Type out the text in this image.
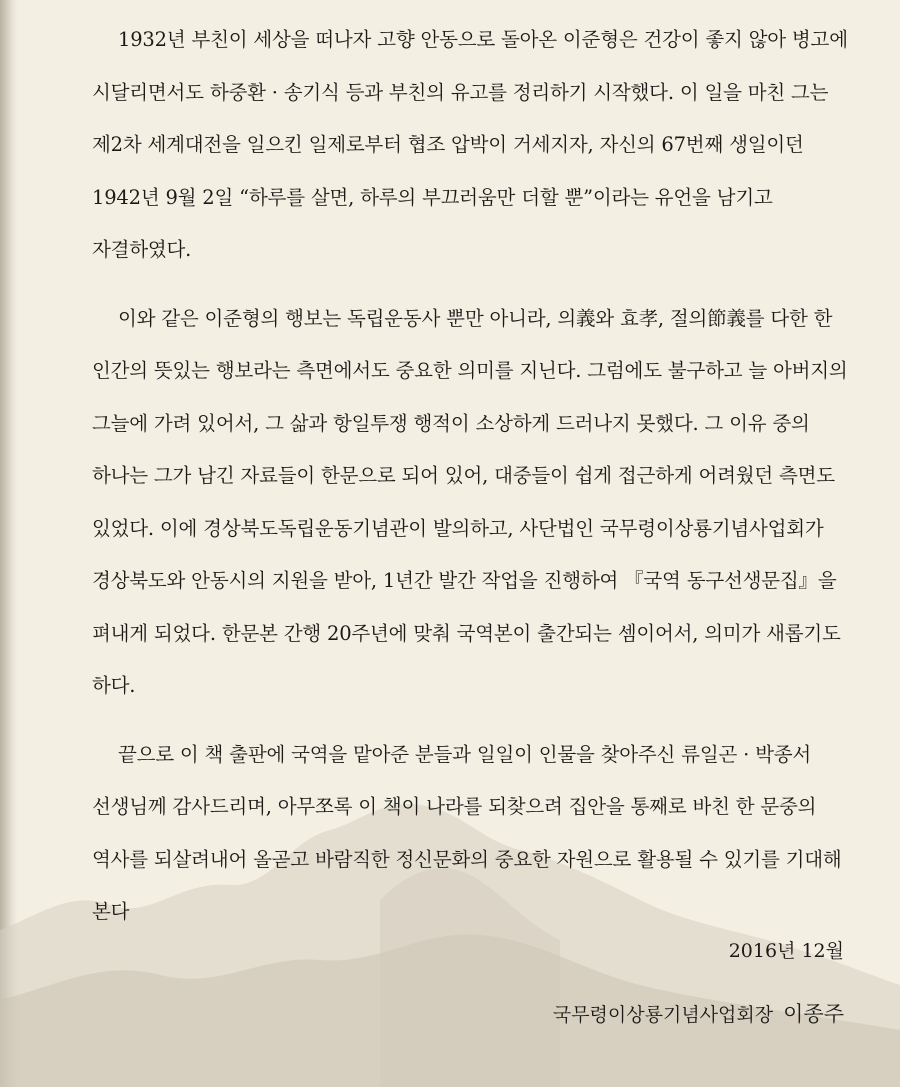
1932년 부친이 세상을 떠나자 고향 안동으로 돌아온 이준형은 건강이 좋지 않아 병고에 시달리면서도 하중환 · 송기식 등과 부친의 유고를 정리하기 시작했다. 이 일을 마친 그는 제2차 세계대전을 일으킨 일제로부터 협조 압박이 거세지자, 자신의 67번째 생일이던 1942년 9월 2일 “하루를 살면, 하루의 부끄러움만 더할 뿐”이라는 유언을 남기고 자결하였다.

이와 같은 이준형의 행보는 독립운동사 뿐만 아니라, 의義와 효孝, 절의節義를 다한 한 인간의 뜻있는 행보라는 측면에서도 중요한 의미를 지닌다. 그럼에도 불구하고 늘 아버지의 그늘에 가려 있어서, 그 삶과 항일투쟁 행적이 소상하게 드러나지 못했다. 그 이유 중의 하나는 그가 남긴 자료들이 한문으로 되어 있어, 대중들이 쉽게 접근하게 어려웠던 측면도 있었다. 이에 경상북도독립운동기념관이 발의하고, 사단법인 국무령이상룡기념사업회가 경상북도와 안동시의 지원을 받아, 1년간 발간 작업을 진행하여 『국역 동구선생문집』을 펴내게 되었다. 한문본 간행 20주년에 맞춰 국역본이 출간되는 셈이어서, 의미가 새롭기도 하다.

끝으로 이 책 출판에 국역을 맡아준 분들과 일일이 인물을 찾아주신 류일곤 · 박종서 선생님께 감사드리며, 아무쪼록 이 책이 나라를 되찾으려 집안을 통째로 바친 한 문중의 역사를 되살려내어 올곧고 바람직한 정신문화의 중요한 자원으로 활용될 수 있기를 기대해 본다

2016년 12월
국무령이상룡기념사업회장 이종주
